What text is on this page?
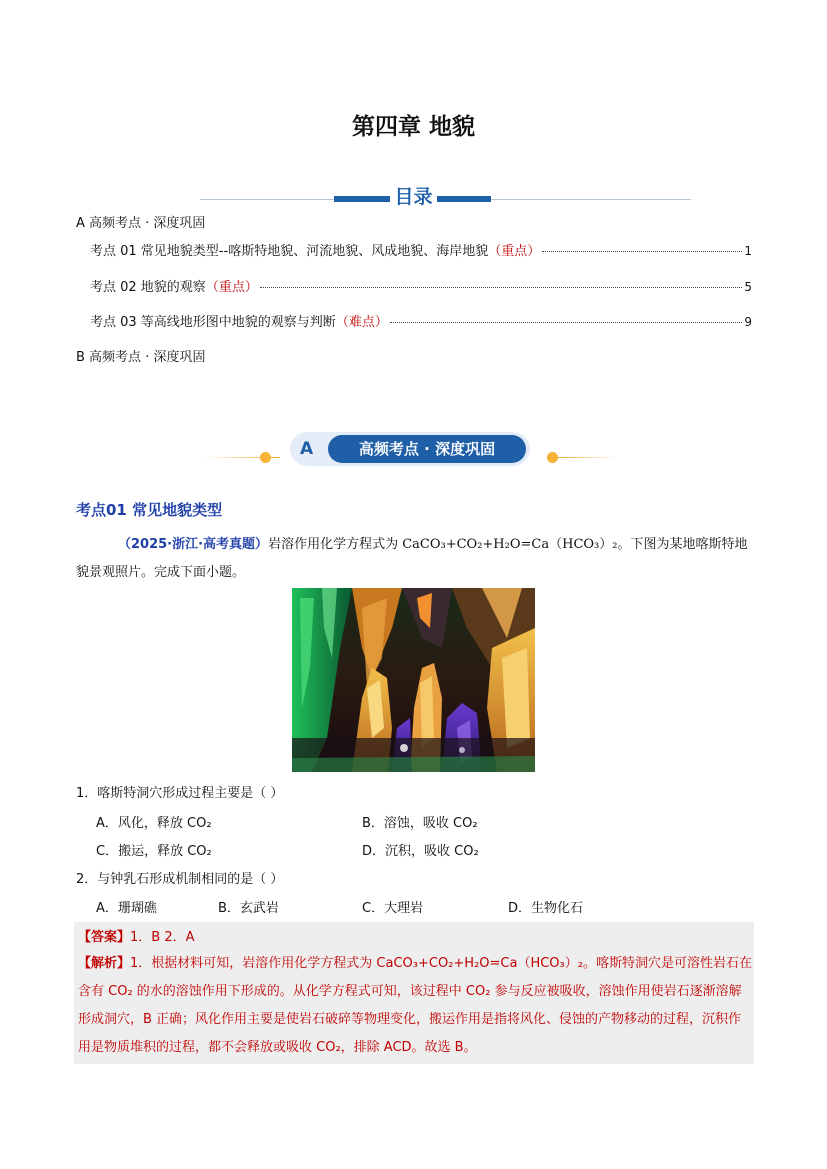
第四章 地貌
目录
A 高频考点 · 深度巩固
考点 01 常见地貌类型--喀斯特地貌、河流地貌、风成地貌、海岸地貌 （重点）	1
考点 02 地貌的观察 （重点）	5
考点 03 等高线地形图中地貌的观察与判断 （难点）	9
B 高频考点 · 深度巩固
A	高频考点 · 深度巩固
考点01 常见地貌类型
（2025·浙江·高考真题）岩溶作用化学方程式为 CaCO₃+CO₂+H₂O=Ca（HCO₃）₂。下图为某地喀斯特地貌景观照片。完成下面小题。
1．喀斯特洞穴形成过程主要是（ ）
A．风化，释放 CO₂	B．溶蚀，吸收 CO₂
C．搬运，释放 CO₂	D．沉积，吸收 CO₂
2．与钟乳石形成机制相同的是（ ）
A．珊瑚礁	B．玄武岩	C．大理岩	D．生物化石
【答案】1．B 2．A
【解析】1．根据材料可知，岩溶作用化学方程式为 CaCO₃+CO₂+H₂O=Ca（HCO₃）₂。喀斯特洞穴是可溶性岩石在含有 CO₂ 的水的溶蚀作用下形成的。从化学方程式可知，该过程中 CO₂ 参与反应被吸收，溶蚀作用使岩石逐渐溶解形成洞穴，B 正确；风化作用主要是使岩石破碎等物理变化，搬运作用是指将风化、侵蚀的产物移动的过程，沉积作用是物质堆积的过程，都不会释放或吸收 CO₂，排除 ACD。故选 B。
